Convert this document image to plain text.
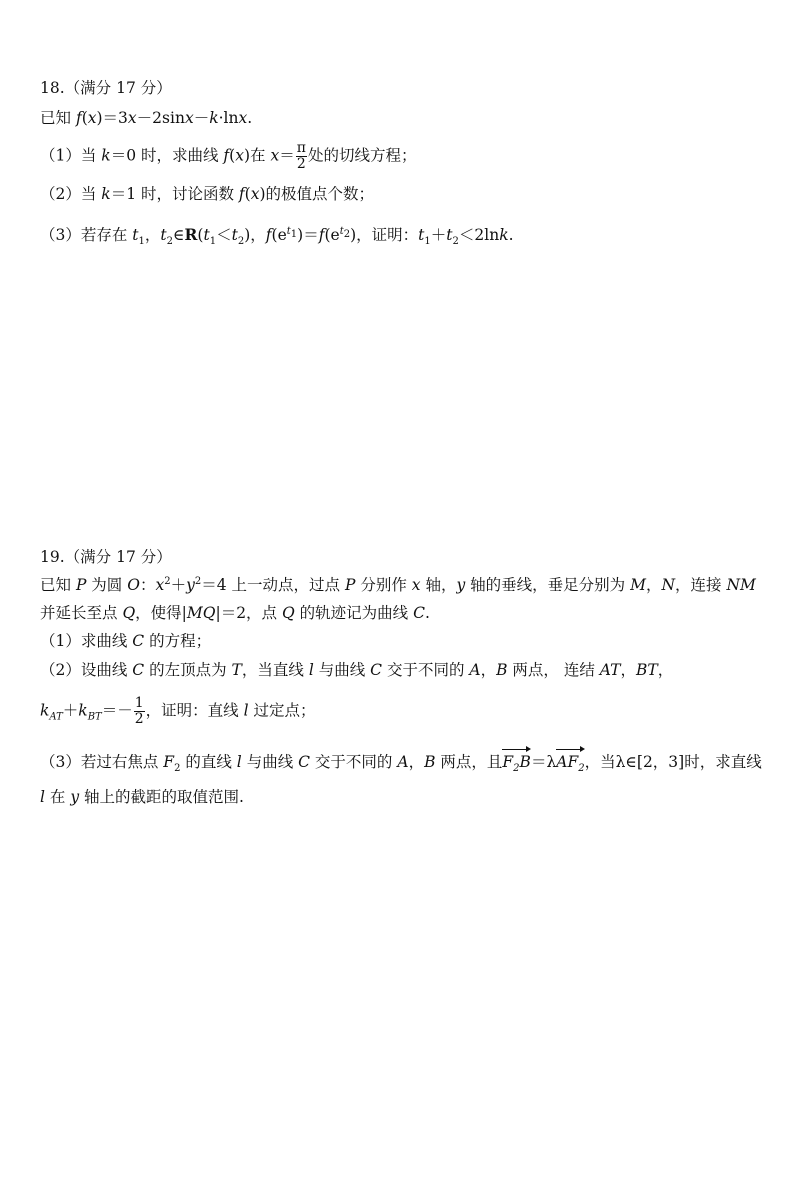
18.（满分 17 分）
已知 f(x)＝3x－2sinx－k·lnx.
（1）当 k＝0 时，求曲线 f(x)在 $x= \frac{\pi}{2}$ 处的切线方程；
（2）当 k＝1 时，讨论函数 f(x)的极值点个数；
（3）若存在 $t_1$，$t_2\in R(t_1<t_2)$，$f(e^{t_1})=f(e^{t_2})$，证明：$t_1+t_2<2\ln k$.
19.（满分 17 分）
已知 P 为圆 O：$x^2+y^2=4$ 上一动点，过点 P 分别作 x 轴，y 轴的垂线，垂足分别为 M，N，连接 NM
并延长至点 Q，使得|MQ|＝2，点 Q 的轨迹记为曲线 C.
（1）求曲线 C 的方程；
（2）设曲线 C 的左顶点为 T，当直线 l 与曲线 C 交于不同的 A，B 两点， 连结 AT，BT，
$k_{AT}+k_{BT}=- \frac{1}{2}$ ，证明：直线 l 过定点；
（3）若过右焦点 $F_2$ 的直线 l 与曲线 C 交于不同的 A，B 两点，且$F_2B=\lambda AF_2$，当λ∈[2，3]时，求直线
l 在 y 轴上的截距的取值范围.
